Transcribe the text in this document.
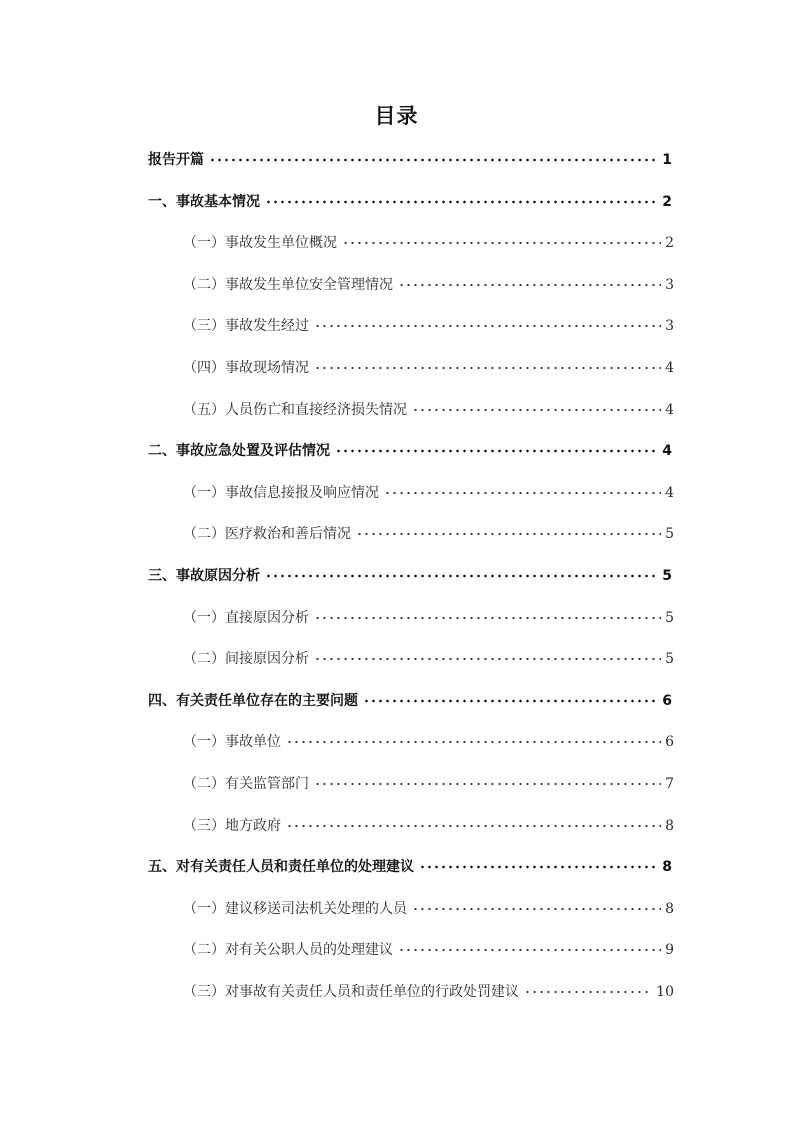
目录
报告开篇	1
一、事故基本情况	2
（一）事故发生单位概况	2
（二）事故发生单位安全管理情况	3
（三）事故发生经过	3
（四）事故现场情况	4
（五）人员伤亡和直接经济损失情况	4
二、事故应急处置及评估情况	4
（一）事故信息接报及响应情况	4
（二）医疗救治和善后情况	5
三、事故原因分析	5
（一）直接原因分析	5
（二）间接原因分析	5
四、有关责任单位存在的主要问题	6
（一）事故单位	6
（二）有关监管部门	7
（三）地方政府	8
五、对有关责任人员和责任单位的处理建议	8
（一）建议移送司法机关处理的人员	8
（二）对有关公职人员的处理建议	9
（三）对事故有关责任人员和责任单位的行政处罚建议	10
